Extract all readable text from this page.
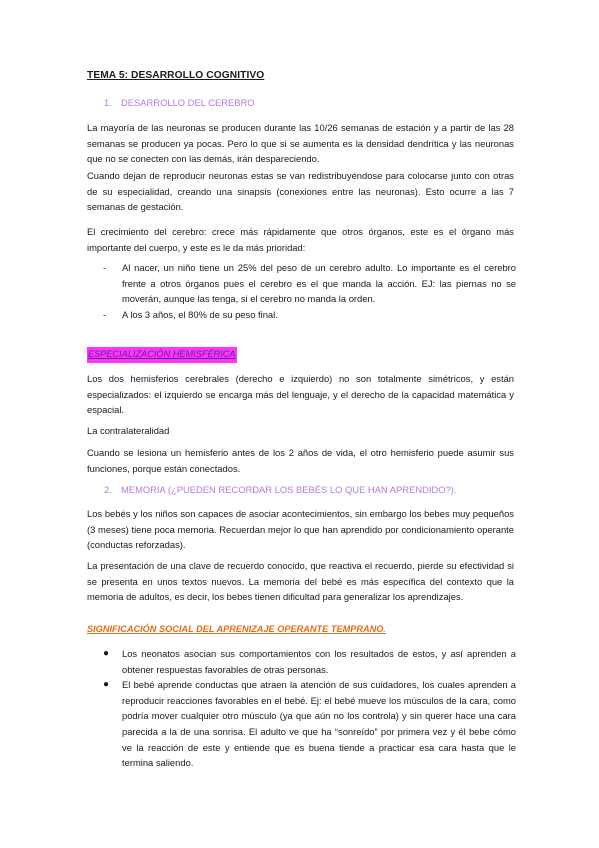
TEMA 5: DESARROLLO COGNITIVO

1. DESARROLLO DEL CEREBRO

La mayoría de las neuronas se producen durante las 10/26 semanas de estación y a partir de las 28 semanas se producen ya pocas. Pero lo que si se aumenta es la densidad dendrítica y las neuronas que no se conecten con las demás, irán despareciendo.

Cuando dejan de reproducir neuronas estas se van redistribuyéndose para colocarse junto con otras de su especialidad, creando una sinapsis (conexiones entre las neuronas). Esto ocurre a las 7 semanas de gestación.

El crecimiento del cerebro: crece más rápidamente que otros órganos, este es el órgano más importante del cuerpo, y este es le da más prioridad:

- Al nacer, un niño tiene un 25% del peso de un cerebro adulto. Lo importante es el cerebro frente a otros órganos pues el cerebro es el que manda la acción. EJ: las piernas no se moverán, aunque las tenga, si el cerebro no manda la orden.
- A los 3 años, el 80% de su peso final.
ESPECIALIZACIÓN HEMISFÉRICA

Los dos hemisferios cerebrales (derecho e izquierdo) no son totalmente simétricos, y están especializados: el izquierdo se encarga más del lenguaje, y el derecho de la capacidad matemática y espacial.

La contralateralidad

Cuando se lesiona un hemisferio antes de los 2 años de vida, el otro hemisferio puede asumir sus funciones, porque están conectados.

2. MEMORIA (¿PUEDEN RECORDAR LOS BEBÉS LO QUE HAN APRENDIDO?).

Los bebés y los niños son capaces de asociar acontecimientos, sin embargo los bebes muy pequeños (3 meses) tiene poca memoria. Recuerdan mejor lo que han aprendido por condicionamiento operante (conductas reforzadas).

La presentación de una clave de recuerdo conocido, que reactiva el recuerdo, pierde su efectividad si se presenta en unos textos nuevos. La memoria del bebé es más específica del contexto que la memoria de adultos, es decir, los bebes tienen dificultad para generalizar los aprendizajes.

SIGNIFICACIÓN SOCIAL DEL APRENIZAJE OPERANTE TEMPRANO.
● Los neonatos asocian sus comportamientos con los resultados de estos, y así aprenden a obtener respuestas favorables de otras personas.
● El bebé aprende conductas que atraen la atención de sus cuidadores, los cuales aprenden a reproducir reacciones favorables en el bebé. Ej: el bebé mueve los músculos de la cara, como podría mover cualquier otro músculo (ya que aún no los controla) y sin querer hace una cara parecida a la de una sonrisa. El adulto ve que ha “sonreído” por primera vez y él bebe cómo ve la reacción de este y entiende que es buena tiende a practicar esa cara hasta que le termina saliendo.
